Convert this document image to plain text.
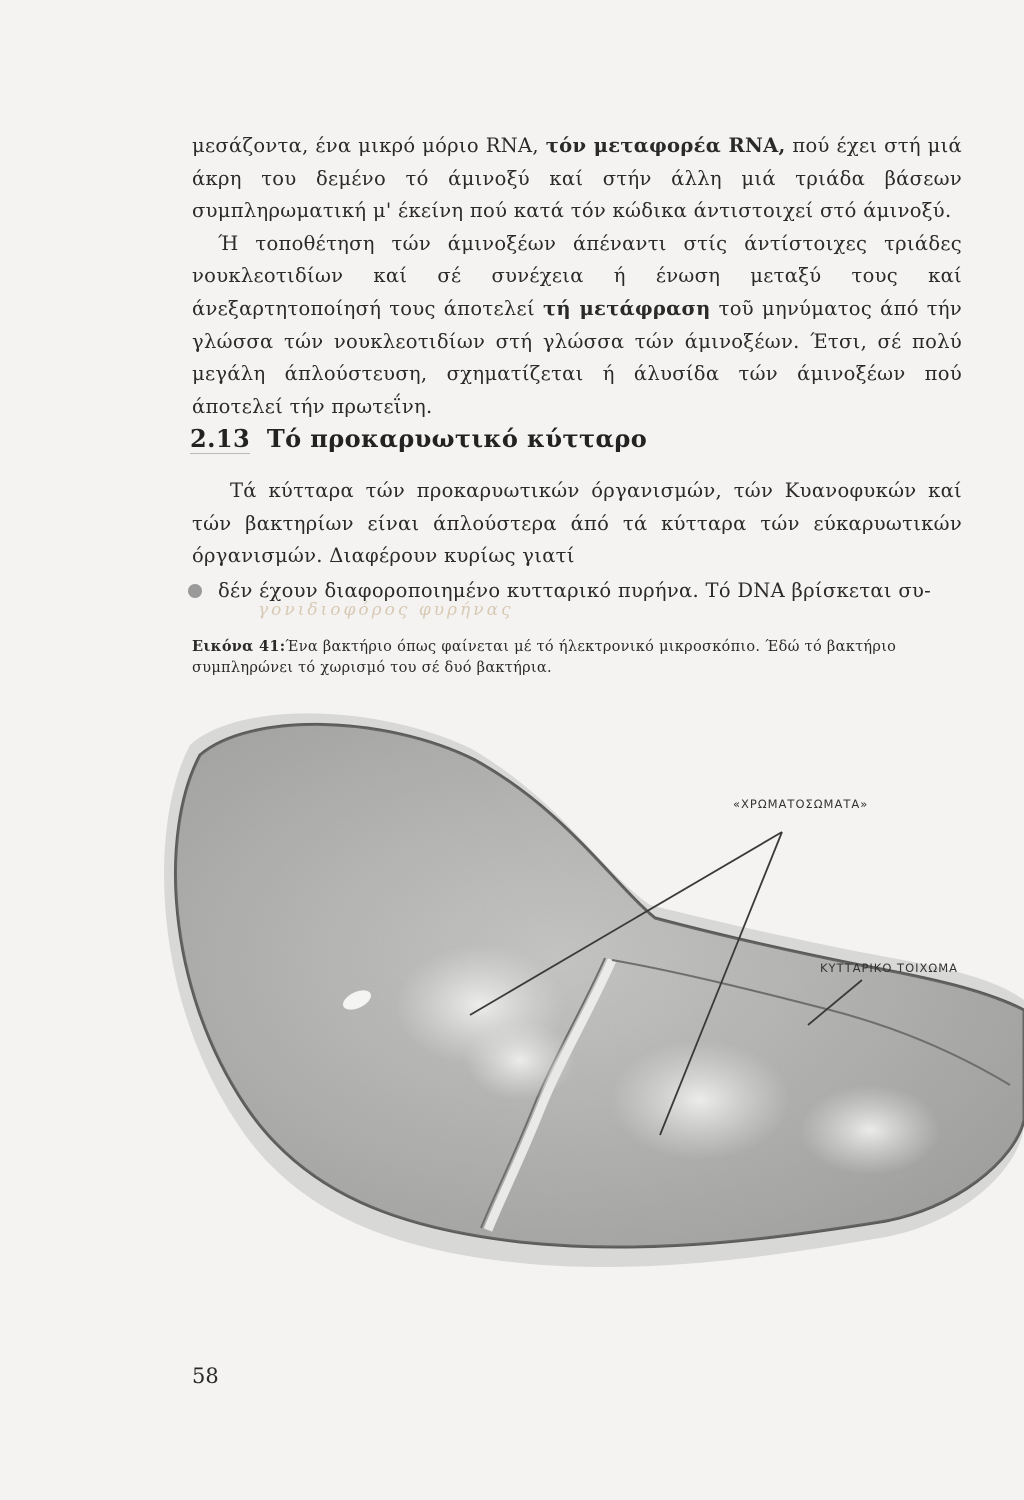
μεσάζοντα, ένα μικρό μόριο RNA, τόν μεταφορέα RNA, πού έχει στή μιά άκρη του δεμένο τό άμινοξύ καί στήν άλλη μιά τριάδα βάσεων συμπληρωματική μ' έκείνη πού κατά τόν κώδικα άντιστοιχεί στό άμινοξύ.
Ή τοποθέτηση τών άμινοξέων άπέναντι στίς άντίστοιχες τριάδες νουκλεοτιδίων καί σέ συνέχεια ή ένωση μεταξύ τους καί άνεξαρτητοποίησή τους άποτελεί τή μετάφραση τοῦ μηνύματος άπό τήν γλώσσα τών νουκλεοτιδίων στή γλώσσα τών άμινοξέων. Έτσι, σέ πολύ μεγάλη άπλούστευση, σχηματίζεται ή άλυσίδα τών άμινοξέων πού άποτελεί τήν πρωτεΐνη.
2.13 Τό προκαρυωτικό κύτταρο
Τά κύτταρα τών προκαρυωτικών όργανισμών, τών Κυανοφυκών καί τών βακτηρίων είναι άπλούστερα άπό τά κύτταρα τών εύκαρυωτικών όργανισμών. Διαφέρουν κυρίως γιατί
δέν έχουν διαφοροποιημένο κυτταρικό πυρήνα. Τό DNA βρίσκεται συ-
γονιδιοφόρος φυρήνας
Εικόνα 41:Ένα βακτήριο όπως φαίνεται μέ τό ήλεκτρονικό μικροσκόπιο. Έδώ τό βακτήριο συμπληρώνει τό χωρισμό του σέ δυό βακτήρια.
«ΧΡΩΜΑΤΟΣΩΜΑΤΑ»
ΚΥΤΤΑΡΙΚΟ ΤΟΙΧΩΜΑ
58
